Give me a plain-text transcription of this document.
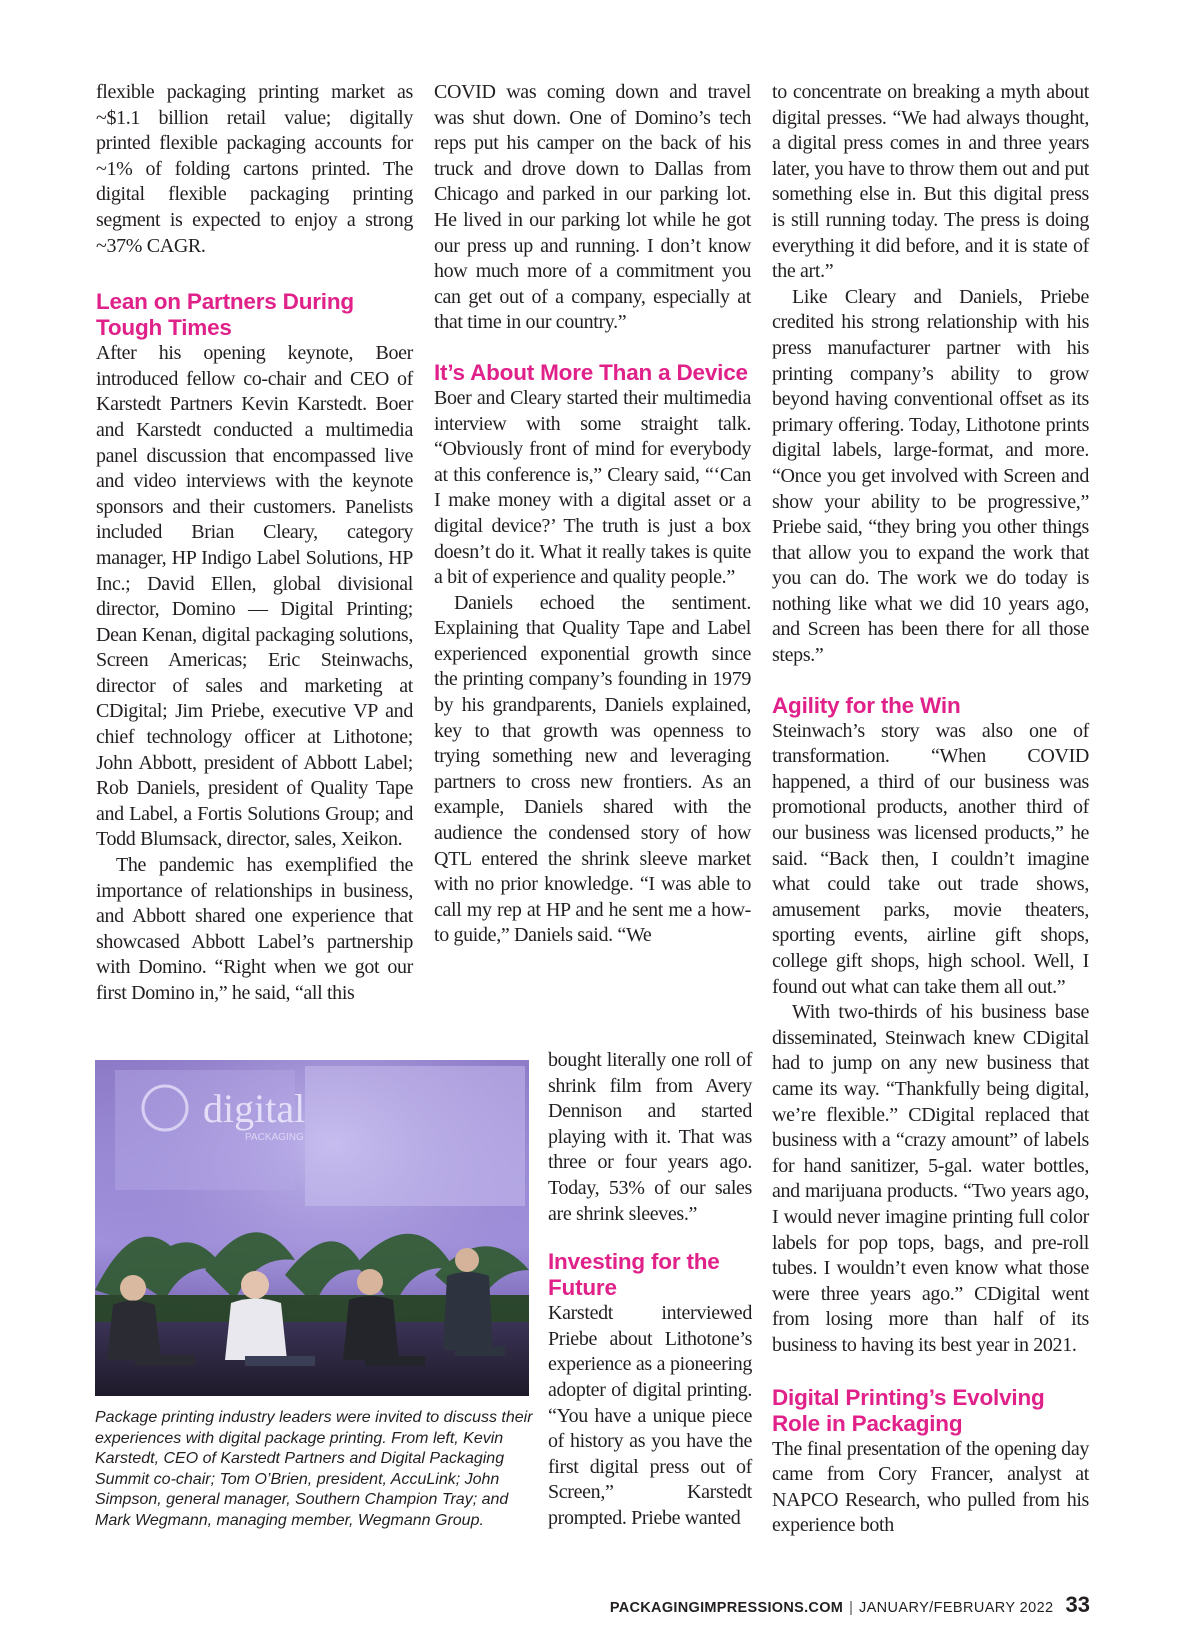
flexible packaging printing market as ~$1.1 billion retail value; digitally printed flexible packaging accounts for ~1% of folding cartons printed. The digital flexible packaging printing segment is expected to enjoy a strong ~37% CAGR.

Lean on Partners During Tough Times

After his opening keynote, Boer introduced fellow co-chair and CEO of Karstedt Partners Kevin Karstedt. Boer and Karstedt conducted a multimedia panel discussion that encompassed live and video interviews with the keynote sponsors and their customers. Panelists included Brian Cleary, category manager, HP Indigo Label Solutions, HP Inc.; David Ellen, global divisional director, Domino — Digital Printing; Dean Kenan, digital packaging solutions, Screen Americas; Eric Steinwachs, director of sales and marketing at CDigital; Jim Priebe, executive VP and chief technology officer at Lithotone; John Abbott, president of Abbott Label; Rob Daniels, president of Quality Tape and Label, a Fortis Solutions Group; and Todd Blumsack, director, sales, Xeikon.

The pandemic has exemplified the importance of relationships in business, and Abbott shared one experience that showcased Abbott Label’s partnership with Domino. “Right when we got our first Domino in,” he said, “all this

COVID was coming down and travel was shut down. One of Domino’s tech reps put his camper on the back of his truck and drove down to Dallas from Chicago and parked in our parking lot. He lived in our parking lot while he got our press up and running. I don’t know how much more of a commitment you can get out of a company, especially at that time in our country.”

It’s About More Than a Device

Boer and Cleary started their multimedia interview with some straight talk. “Obviously front of mind for everybody at this conference is,” Cleary said, “‘Can I make money with a digital asset or a digital device?’ The truth is just a box doesn’t do it. What it really takes is quite a bit of experience and quality people.”

Daniels echoed the sentiment. Explaining that Quality Tape and Label experienced exponential growth since the printing company’s founding in 1979 by his grandparents, Daniels explained, key to that growth was openness to trying something new and leveraging partners to cross new frontiers. As an example, Daniels shared with the audience the condensed story of how QTL entered the shrink sleeve market with no prior knowledge. “I was able to call my rep at HP and he sent me a how-to guide,” Daniels said. “We

bought literally one roll of shrink film from Avery Dennison and started playing with it. That was three or four years ago. Today, 53% of our sales are shrink sleeves.”

Investing for the Future

Karstedt interviewed Priebe about Lithotone’s experience as a pioneering adopter of digital printing. “You have a unique piece of history as you have the first digital press out of Screen,” Karstedt prompted. Priebe wanted

to concentrate on breaking a myth about digital presses. “We had always thought, a digital press comes in and three years later, you have to throw them out and put something else in. But this digital press is still running today. The press is doing everything it did before, and it is state of the art.”

Like Cleary and Daniels, Priebe credited his strong relationship with his press manufacturer partner with his printing company’s ability to grow beyond having conventional offset as its primary offering. Today, Lithotone prints digital labels, large-format, and more. “Once you get involved with Screen and show your ability to be progressive,” Priebe said, “they bring you other things that allow you to expand the work that you can do. The work we do today is nothing like what we did 10 years ago, and Screen has been there for all those steps.”

Agility for the Win

Steinwach’s story was also one of transformation. “When COVID happened, a third of our business was promotional products, another third of our business was licensed products,” he said. “Back then, I couldn’t imagine what could take out trade shows, amusement parks, movie theaters, sporting events, airline gift shops, college gift shops, high school. Well, I found out what can take them all out.”

With two-thirds of his business base disseminated, Steinwach knew CDigital had to jump on any new business that came its way. “Thankfully being digital, we’re flexible.” CDigital replaced that business with a “crazy amount” of labels for hand sanitizer, 5-gal. water bottles, and marijuana products. “Two years ago, I would never imagine printing full color labels for pop tops, bags, and pre-roll tubes. I wouldn’t even know what those were three years ago.” CDigital went from losing more than half of its business to having its best year in 2021.

Digital Printing’s Evolving Role in Packaging

The final presentation of the opening day came from Cory Francer, analyst at NAPCO Research, who pulled from his experience both

digital
PACKAGING

Package printing industry leaders were invited to discuss their experiences with digital package printing. From left, Kevin Karstedt, CEO of Karstedt Partners and Digital Packaging Summit co-chair; Tom O’Brien, president, AccuLink; John Simpson, general manager, Southern Champion Tray; and Mark Wegmann, managing member, Wegmann Group.

PACKAGINGIMPRESSIONS.COM | JANUARY/FEBRUARY 2022 33
